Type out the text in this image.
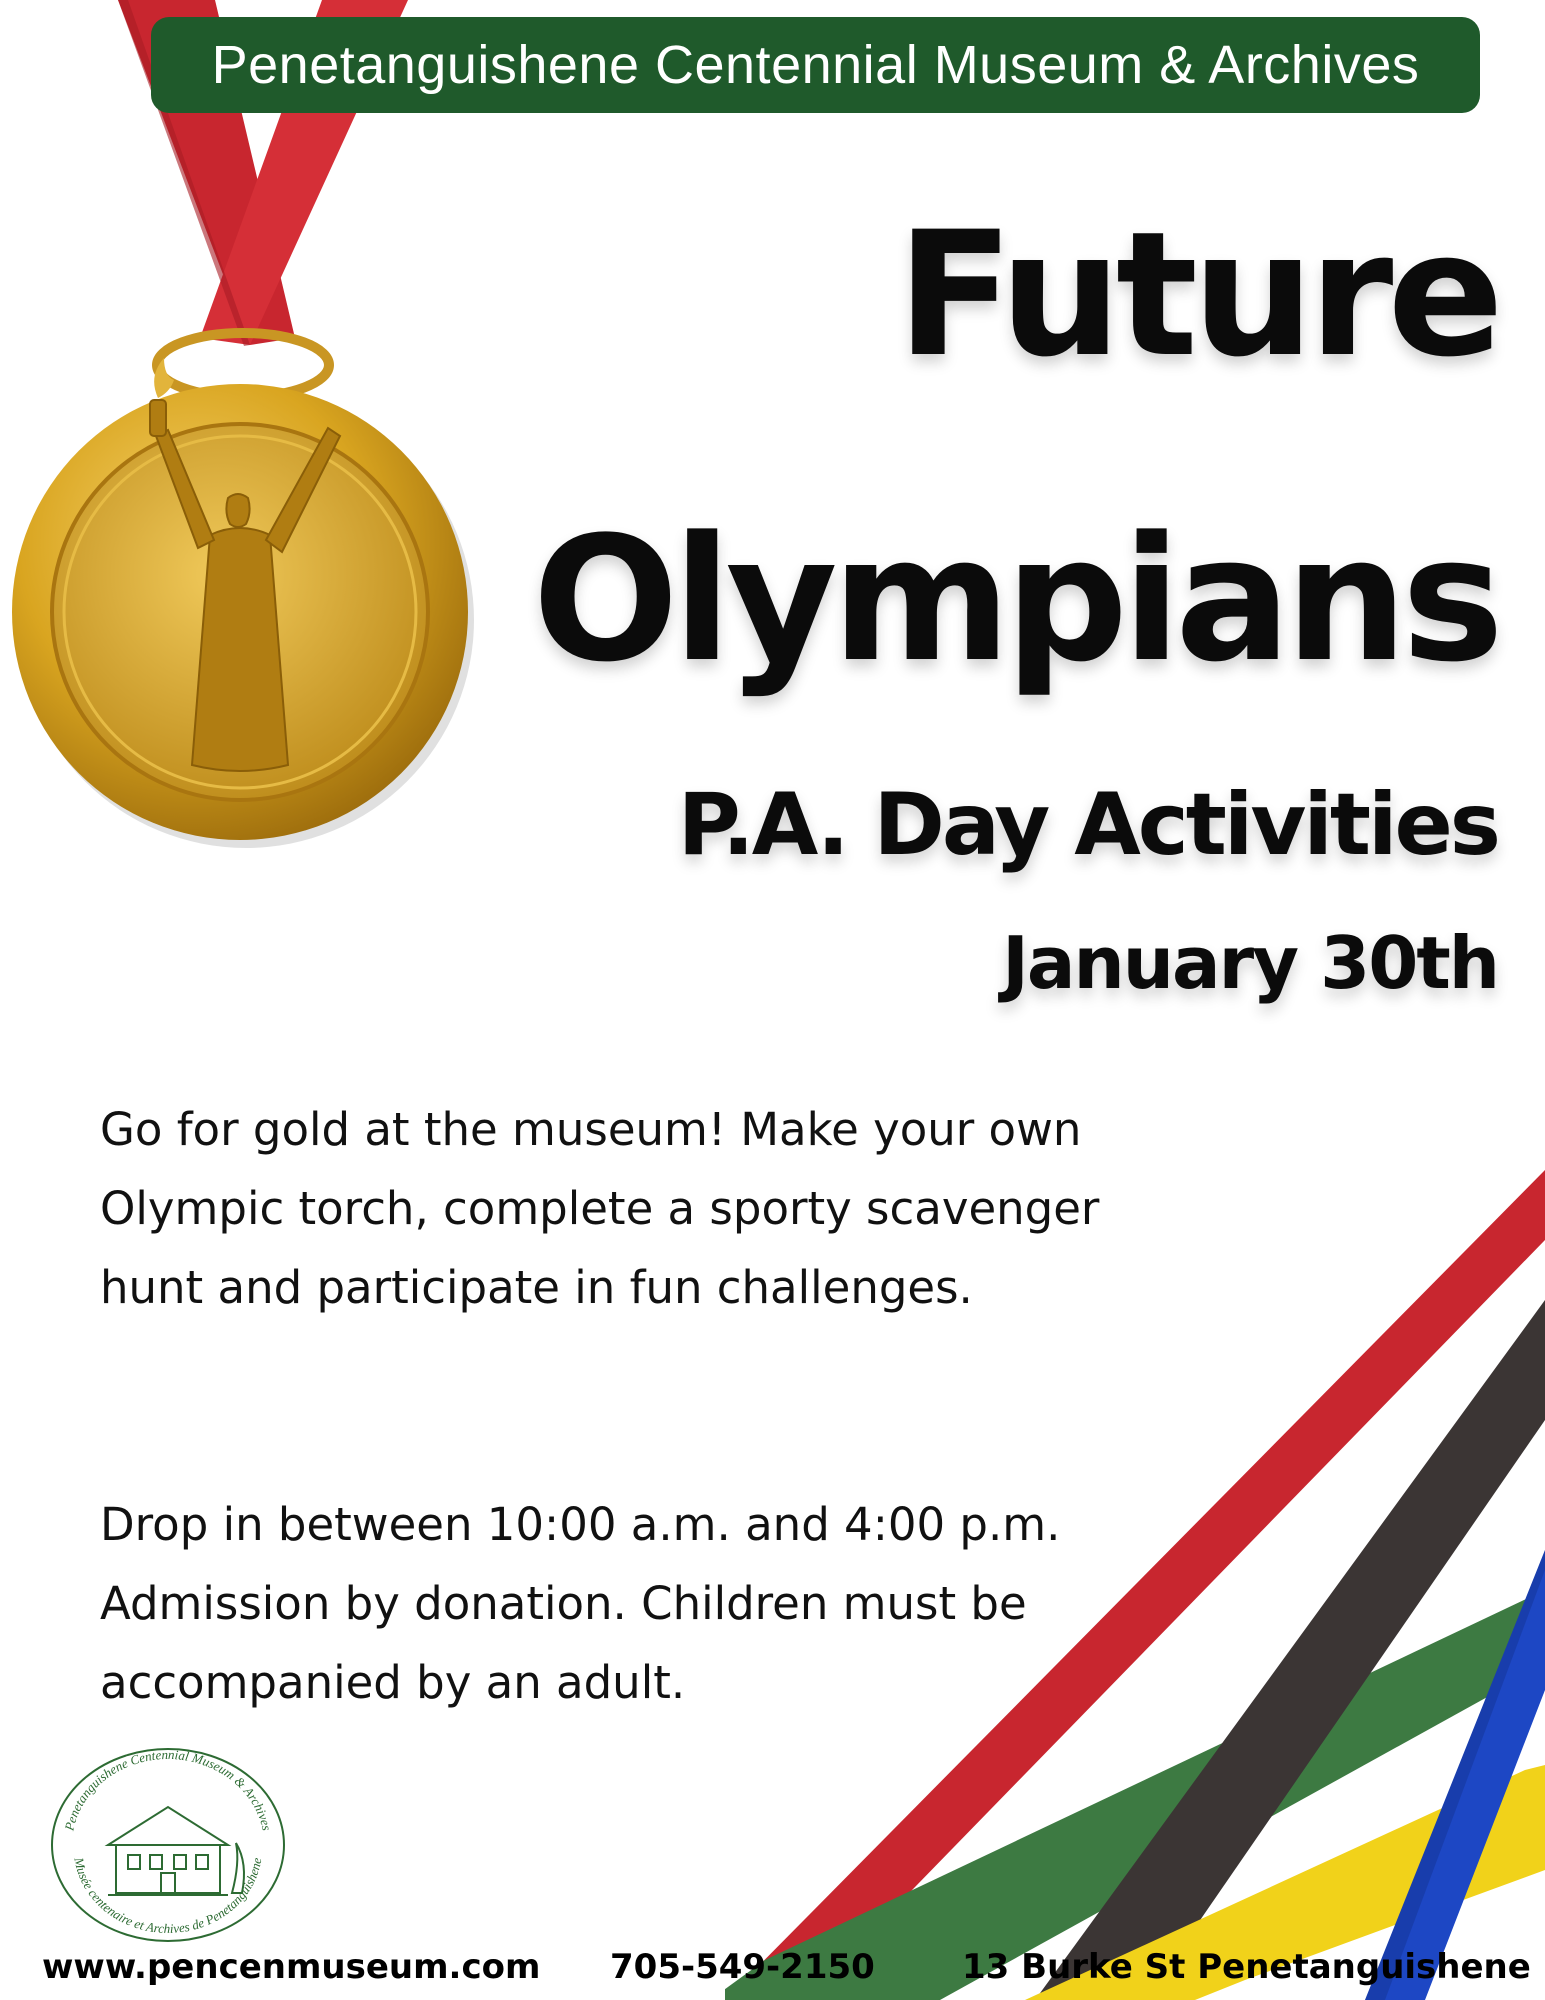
Penetanguishene Centennial Museum & Archives
Future
Olympians
P.A. Day Activities
January 30th
Go for gold at the museum! Make your own Olympic torch, complete a sporty scavenger hunt and participate in fun challenges.
Drop in between 10:00 a.m. and 4:00 p.m. Admission by donation. Children must be accompanied by an adult.
Penetanguishene Centennial Museum & Archives
Musée centenaire et Archives de Penetanguishene
www.pencenmuseum.com 705-549-2150	13 Burke St Penetanguishene
